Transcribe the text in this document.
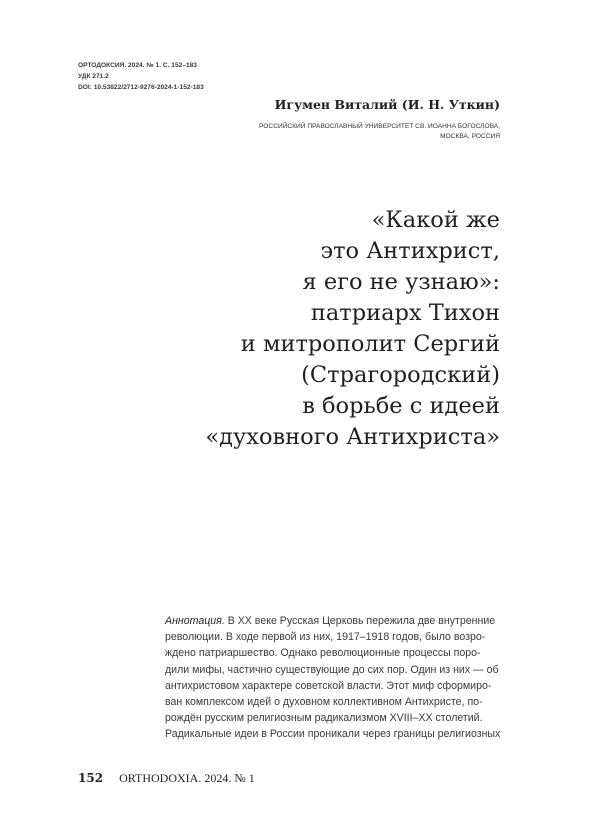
ОРТОДОКСИЯ. 2024. № 1. С. 152–183
УДК 271.2
DOI: 10.53822/2712-9276-2024-1-152-183
Игумен Виталий (И. Н. Уткин)
РОССИЙСКИЙ ПРАВОСЛАВНЫЙ УНИВЕРСИТЕТ СВ. ИОАННА БОГОСЛОВА,
МОСКВА, РОССИЯ
«Какой же
это Антихрист,
я его не узнаю»:
патриарх Тихон
и митрополит Сергий
(Страгородский)
в борьбе с идеей
«духовного Антихриста»
Аннотация. В XX веке Русская Церковь пережила две внутренние
революции. В ходе первой из них, 1917–1918 годов, было возро-
ждено патриаршество. Однако революционные процессы поро-
дили мифы, частично существующие до сих пор. Один из них — об
антихристовом характере советской власти. Этот миф сформиро-
ван комплексом идей о духовном коллективном Антихристе, по-
рождён русским религиозным радикализмом XVIII–XX столетий.
Радикальные идеи в России проникали через границы религиозных
152 ORTHODOXIA. 2024. № 1
